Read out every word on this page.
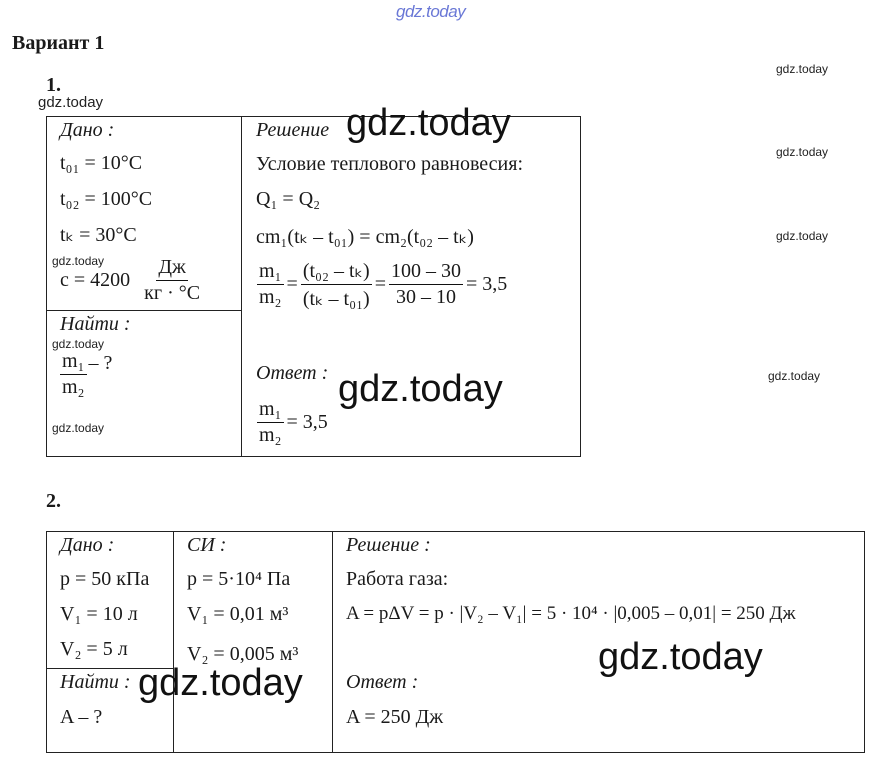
gdz.today
Вариант 1
1.
Дано :
t₀₁ = 10°C
t₀₂ = 100°C
tₖ = 30°C
$c = 4200 \frac{Дж}{кг \cdot ^\circ C}$
Найти :
$\frac{\text{m₁}}{\text{m₂}}$ – ?
Решение
Условие теплового равновесия:
Q₁ = Q₂
cm₁(tₖ – t₀₁) = cm₂(t₀₂ – tₖ)
$\frac{\text{m₁}}{\text{m₂}} = \frac{\text{(t₀₂ – tₖ)}}{\text{(tₖ – t₀₁)}} = \frac{100 - 30}{30 - 10} = 3,5$
Ответ :
$\frac{\text{m₁}}{\text{m₂}} = 3,5$
2.
Дано :
p = 50 кПа
V₁ = 10 л
V₂ = 5 л
СИ :
p = 5·10⁴ Па
V₁ = 0,01 м³
V₂ = 0,005 м³
Найти :
A – ?
Решение :
Работа газа:
A = pΔV = p · |V₂ – V₁| = 5 · 10⁴ · |0,005 – 0,01| = 250 Дж
Ответ :
A = 250 Дж
gdz.today
gdz.today
gdz.today
gdz.today
gdz.today
gdz.today
gdz.today
gdz.today
gdz.today
gdz.today
gdz.today
gdz.today
